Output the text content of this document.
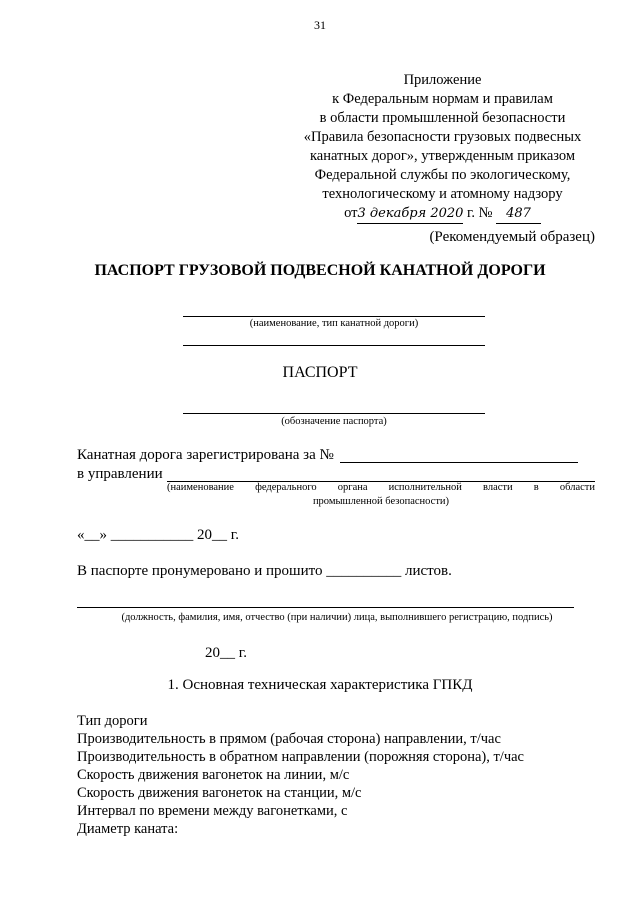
31
Приложение
к Федеральным нормам и правилам
в области промышленной безопасности
«Правила безопасности грузовых подвесных
канатных дорог», утвержденным приказом
Федеральной службы по экологическому,
технологическому и атомному надзору
от3 декабря 2020 г. № 487
(Рекомендуемый образец)
ПАСПОРТ ГРУЗОВОЙ ПОДВЕСНОЙ КАНАТНОЙ ДОРОГИ
(наименование, тип канатной дороги)
ПАСПОРТ
(обозначение паспорта)
Канатная дорога зарегистрирована за №
в управлении
(наименование федерального органа исполнительной власти в области
промышленной безопасности)
«__» ___________ 20__ г.
В паспорте пронумеровано и прошито __________ листов.
(должность, фамилия, имя, отчество (при наличии) лица, выполнившего регистрацию, подпись)
20__ г.
1. Основная техническая характеристика ГПКД
Тип дороги
Производительность в прямом (рабочая сторона) направлении, т/час
Производительность в обратном направлении (порожняя сторона), т/час
Скорость движения вагонеток на линии, м/с
Скорость движения вагонеток на станции, м/с
Интервал по времени между вагонетками, с
Диаметр каната:
